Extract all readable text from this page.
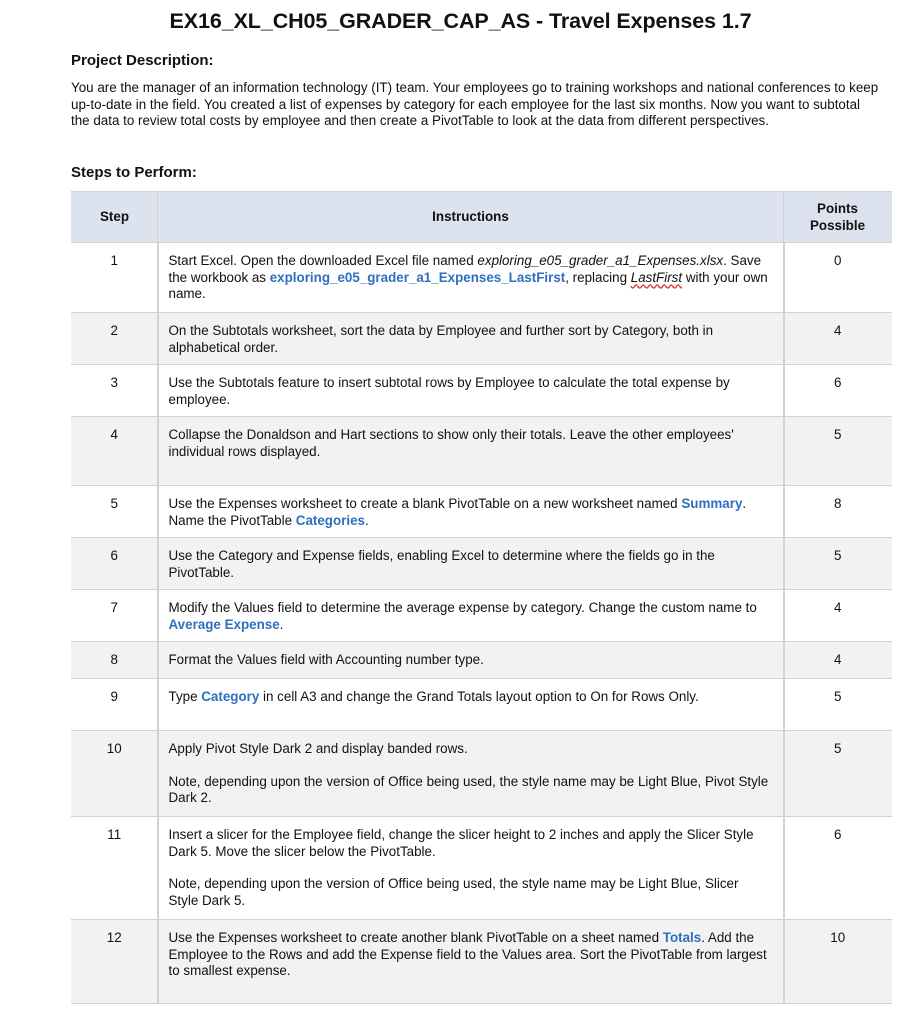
EX16_XL_CH05_GRADER_CAP_AS - Travel Expenses 1.7
Project Description:
You are the manager of an information technology (IT) team. Your employees go to training workshops and national conferences to keep up-to-date in the field. You created a list of expenses by category for each employee for the last six months. Now you want to subtotal the data to review total costs by employee and then create a PivotTable to look at the data from different perspectives.
Steps to Perform:
Step	Instructions	Points Possible
1	Start Excel. Open the downloaded Excel file named exploring_e05_grader_a1_Expenses.xlsx. Save the workbook as exploring_e05_grader_a1_Expenses_LastFirst, replacing LastFirst with your own name.	0
2	On the Subtotals worksheet, sort the data by Employee and further sort by Category, both in alphabetical order.	4
3	Use the Subtotals feature to insert subtotal rows by Employee to calculate the total expense by employee.	6
4	Collapse the Donaldson and Hart sections to show only their totals. Leave the other employees' individual rows displayed.	5
5	Use the Expenses worksheet to create a blank PivotTable on a new worksheet named Summary. Name the PivotTable Categories.	8
6	Use the Category and Expense fields, enabling Excel to determine where the fields go in the PivotTable.	5
7	Modify the Values field to determine the average expense by category. Change the custom name to Average Expense.	4
8	Format the Values field with Accounting number type.	4
9	Type Category in cell A3 and change the Grand Totals layout option to On for Rows Only.	5
10	Apply Pivot Style Dark 2 and display banded rows.
Note, depending upon the version of Office being used, the style name may be Light Blue, Pivot Style Dark 2.	5
11	Insert a slicer for the Employee field, change the slicer height to 2 inches and apply the Slicer Style Dark 5. Move the slicer below the PivotTable.
Note, depending upon the version of Office being used, the style name may be Light Blue, Slicer Style Dark 5.	6
12	Use the Expenses worksheet to create another blank PivotTable on a sheet named Totals. Add the Employee to the Rows and add the Expense field to the Values area. Sort the PivotTable from largest to smallest expense.	10
